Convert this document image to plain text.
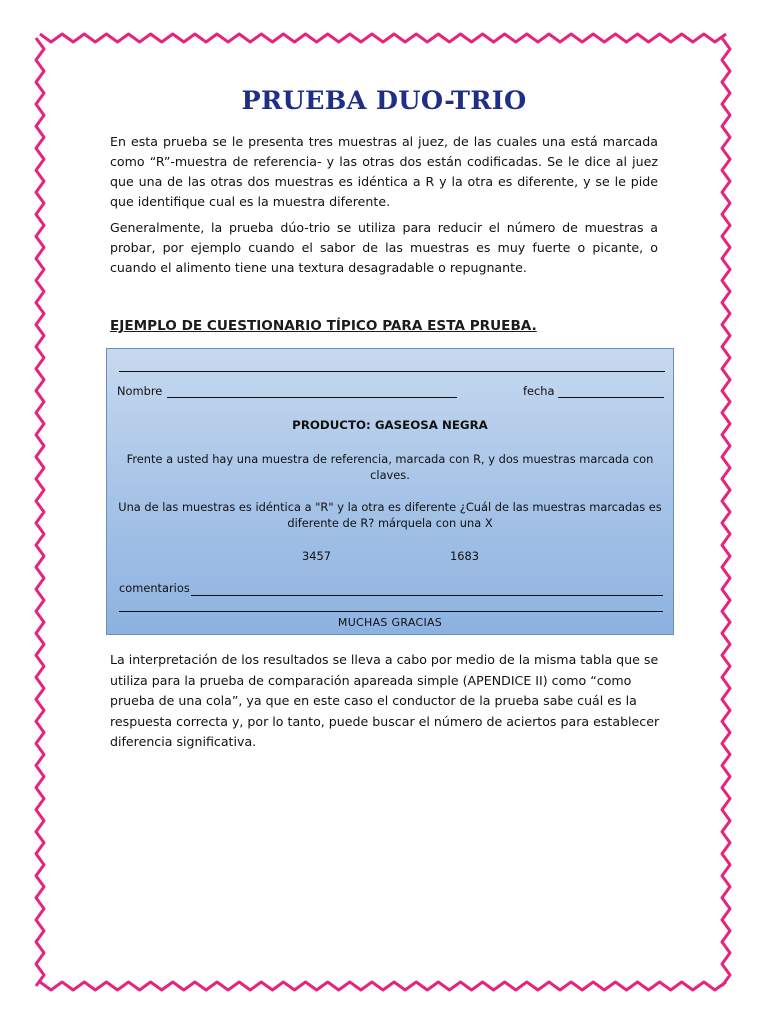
PRUEBA DUO-TRIO

En esta prueba se le presenta tres muestras al juez, de las cuales una está marcada como “R”-muestra de referencia- y las otras dos están codificadas. Se le dice al juez que una de las otras dos muestras es idéntica a R y la otra es diferente, y se le pide que identifique cual es la muestra diferente.

Generalmente, la prueba dúo-trio se utiliza para reducir el número de muestras a probar, por ejemplo cuando el sabor de las muestras es muy fuerte o picante, o cuando el alimento tiene una textura desagradable o repugnante.

EJEMPLO DE CUESTIONARIO TÍPICO PARA ESTA PRUEBA.
Nombre	fecha
PRODUCTO: GASEOSA NEGRA
Frente a usted hay una muestra de referencia, marcada con R, y dos muestras marcada con claves.
Una de las muestras es idéntica a "R" y la otra es diferente ¿Cuál de las muestras marcadas es diferente de R? márquela con una X
3457	1683
comentarios
MUCHAS GRACIAS

La interpretación de los resultados se lleva a cabo por medio de la misma tabla que se utiliza para la prueba de comparación apareada simple (APENDICE II) como “como prueba de una cola”, ya que en este caso el conductor de la prueba sabe cuál es la respuesta correcta y, por lo tanto, puede buscar el número de aciertos para establecer diferencia significativa.
